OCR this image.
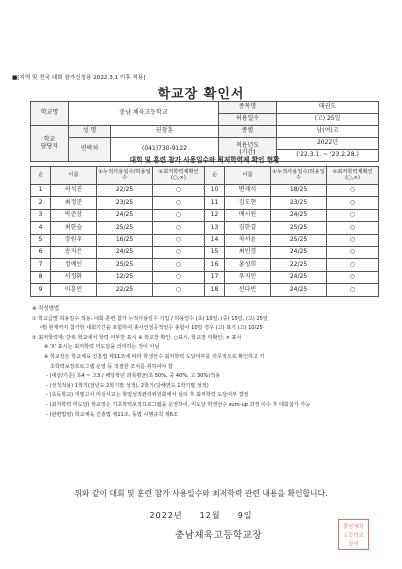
■[지역 및 전국 대회 참가신청용 2022.3.1 이후 적용]
학교장 확인서
학교명	충남 체육고등학교		종목명	태권도
			허용일수	(고) 25일
학교
담당자	성 명	권창훈	종별	남(여)고
	연락처	(041)730-9122	적용년도
(기간)	2022년
				('22.3.1. ~ '23.2.28.)
대회 및 훈련 참가 사용일수와 최저학력제 확인 현황							
순	이름	①누적사용일수/허용일수	②최저학력제확인(○,×)	순	이름	①누적사용일수/허용일수	②최저학력제확인(○,×)
1	허석진	22/25	○	10	변재석	18/25	○
2	최정준	23/25	○	11	김도현	23/25	○
3	박준상	24/25	○	12	배시원	24/25	○
4	최한슬	25/25	○	13	김한결	25/25	○
5	장원우	16/25	○	14	차서윤	25/25	○
6	송지은	24/25	○	15	최인경	24/25	○
7	정예인	25/25	○	16	홍성희	22/25	○
8	서정화	12/25	○	17	우지민	24/25	○
9	이훈민	22/25	○	18	선다빈	24/25	○
※ 작성방법
① 학교급별 허용일수 적용: 대회 훈련 참가 누적사용일수 기입 / 허용일수 (초) 10일, (중) 15일, (고) 25일
에) 현재까지 참가한 대회기간을 포함하여 총사인정공적일수 총합이 10일 경우 (고) 표기 (고) 10/25
② 최저학력제: 단위 학교에서 학력 여부만 표시 ※ 학교장 확인: ○표시, 학교장 미확인: × 표시
※ 'X' 표시는 최저학력 미도달을 의미하는 것이 아님
※ 학교장은 학교체육 진흥법 제11조에 따라 학생선수 최저학력 도달여부를 의무적으로 확인하고 기
초학력보장프로그램 운영 등 적절한 조치를 취하여야 함
- (대상/기준) 초4 ~ 고3 / 해당학년 과목평균(초 50%, 중 40%, 고 30%)적용
- (성적적용) 1학기(전년도 2학기말 성적), 2학기(당해연도 1학기말 성적)
- (초등학교) 지필고사 미실시교는 학업성적관리위원회에서 심의 후 최저학력 도달여부 결정
- (최저학력 미도달) 학교장은 기초학력보장프로그램을 운영하여, 미도달 학생선수 sum-up 과정 이수 후 대회참가 가능
- (관련법령) 학교체육 진흥법 제11조, 동법 시행규칙 제6조
위와 같이 대회 및 훈련 참가 사용일수와 최저학력 관련 내용을 확인합니다.
2022년 12월 9일
충남체육고등학교장
충남체육
고등학교
장인
